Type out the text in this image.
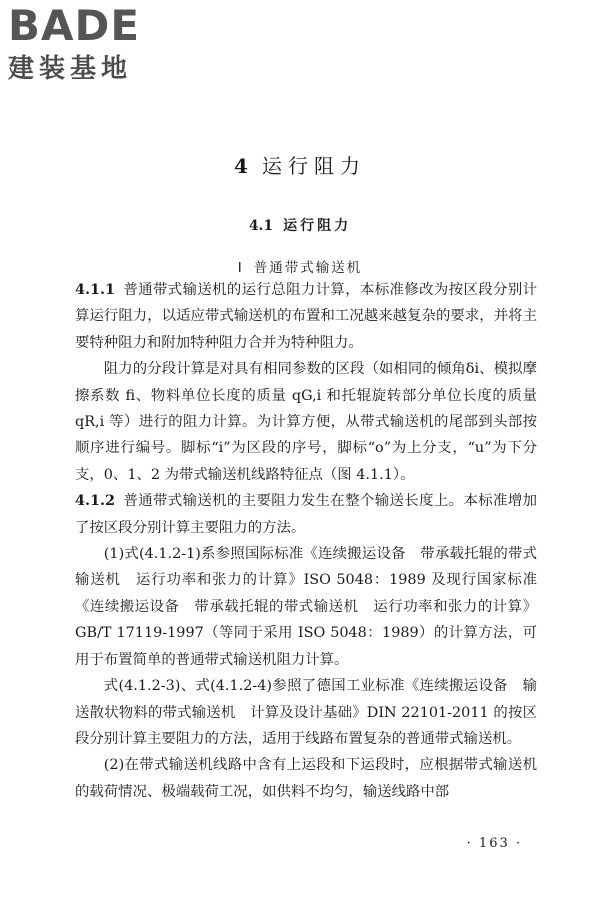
BADE
建装基地
4 运行阻力
4.1 运行阻力
Ⅰ 普通带式输送机

4.1.1 普通带式输送机的运行总阻力计算，本标准修改为按区段分别计算运行阻力，以适应带式输送机的布置和工况越来越复杂的要求，并将主要特种阻力和附加特种阻力合并为特种阻力。

阻力的分段计算是对具有相同参数的区段（如相同的倾角δi、模拟摩擦系数 fi、物料单位长度的质量 qG,i 和托辊旋转部分单位长度的质量 qR,i 等）进行的阻力计算。为计算方便，从带式输送机的尾部到头部按顺序进行编号。脚标“i”为区段的序号，脚标“o”为上分支，“u”为下分支，0、1、2 为带式输送机线路特征点（图 4.1.1）。

4.1.2 普通带式输送机的主要阻力发生在整个输送长度上。本标准增加了按区段分别计算主要阻力的方法。

(1)式(4.1.2-1)系参照国际标准《连续搬运设备　带承载托辊的带式输送机　运行功率和张力的计算》ISO 5048：1989 及现行国家标准《连续搬运设备　带承载托辊的带式输送机　运行功率和张力的计算》GB/T 17119-1997（等同于采用 ISO 5048：1989）的计算方法，可用于布置简单的普通带式输送机阻力计算。

式(4.1.2-3)、式(4.1.2-4)参照了德国工业标准《连续搬运设备　输送散状物料的带式输送机　计算及设计基础》DIN 22101-2011 的按区段分别计算主要阻力的方法，适用于线路布置复杂的普通带式输送机。

(2)在带式输送机线路中含有上运段和下运段时，应根据带式输送机的载荷情况、极端载荷工况，如供料不均匀，输送线路中部

· 163 ·
